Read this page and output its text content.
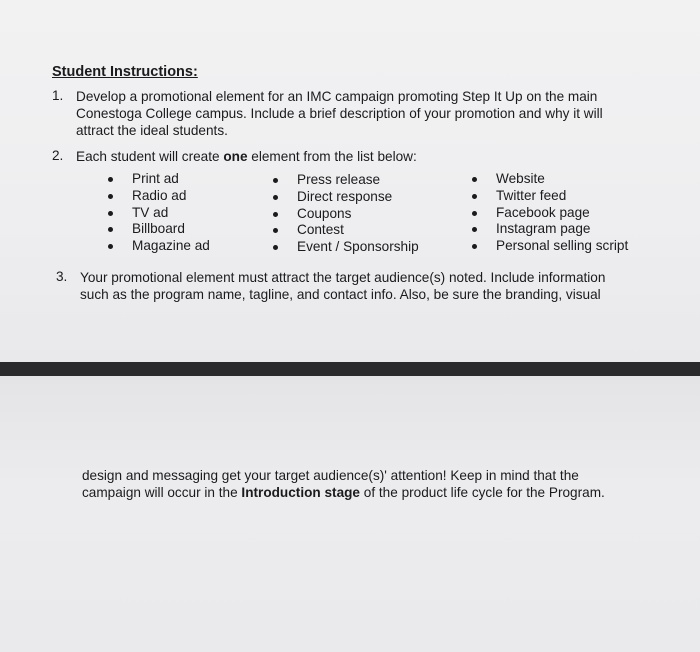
Student Instructions:
1. Develop a promotional element for an IMC campaign promoting Step It Up on the main
Conestoga College campus. Include a brief description of your promotion and why it will
attract the ideal students.
2. Each student will create one element from the list below:
Print ad
Radio ad
TV ad
Billboard
Magazine ad
Press release
Direct response
Coupons
Contest
Event / Sponsorship
Website
Twitter feed
Facebook page
Instagram page
Personal selling script
3. Your promotional element must attract the target audience(s) noted. Include information
such as the program name, tagline, and contact info. Also, be sure the branding, visual
design and messaging get your target audience(s)' attention! Keep in mind that the
campaign will occur in the Introduction stage of the product life cycle for the Program.
